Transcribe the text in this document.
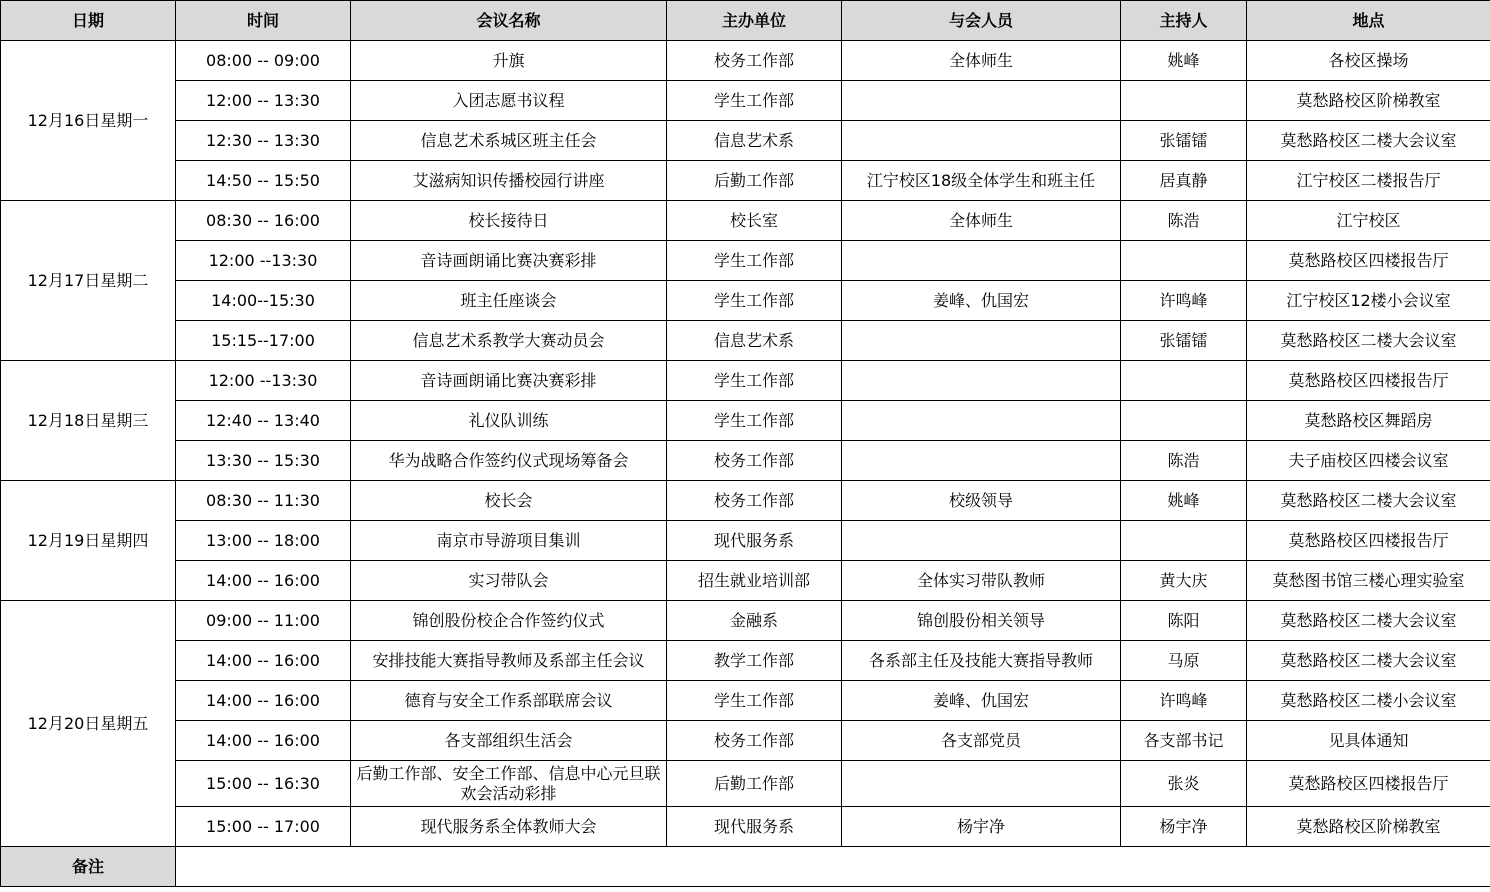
日期	时间	会议名称	主办单位	与会人员	主持人	地点
12月16日星期一	08:00 -- 09:00	升旗	校务工作部	全体师生	姚峰	各校区操场
	12:00 -- 13:30	入团志愿书议程	学生工作部			莫愁路校区阶梯教室
	12:30 -- 13:30	信息艺术系城区班主任会	信息艺术系		张镭镭	莫愁路校区二楼大会议室
	14:50 -- 15:50	艾滋病知识传播校园行讲座	后勤工作部	江宁校区18级全体学生和班主任	居真静	江宁校区二楼报告厅
12月17日星期二	08:30 -- 16:00	校长接待日	校长室	全体师生	陈浩	江宁校区
	12:00 --13:30	音诗画朗诵比赛决赛彩排	学生工作部			莫愁路校区四楼报告厅
	14:00--15:30	班主任座谈会	学生工作部	姜峰、仇国宏	许鸣峰	江宁校区12楼小会议室
	15:15--17:00	信息艺术系教学大赛动员会	信息艺术系		张镭镭	莫愁路校区二楼大会议室
12月18日星期三	12:00 --13:30	音诗画朗诵比赛决赛彩排	学生工作部			莫愁路校区四楼报告厅
	12:40 -- 13:40	礼仪队训练	学生工作部			莫愁路校区舞蹈房
	13:30 -- 15:30	华为战略合作签约仪式现场筹备会	校务工作部		陈浩	夫子庙校区四楼会议室
12月19日星期四	08:30 -- 11:30	校长会	校务工作部	校级领导	姚峰	莫愁路校区二楼大会议室
	13:00 -- 18:00	南京市导游项目集训	现代服务系			莫愁路校区四楼报告厅
	14:00 -- 16:00	实习带队会	招生就业培训部	全体实习带队教师	黄大庆	莫愁图书馆三楼心理实验室
12月20日星期五	09:00 -- 11:00	锦创股份校企合作签约仪式	金融系	锦创股份相关领导	陈阳	莫愁路校区二楼大会议室
	14:00 -- 16:00	安排技能大赛指导教师及系部主任会议	教学工作部	各系部主任及技能大赛指导教师	马原	莫愁路校区二楼大会议室
	14:00 -- 16:00	德育与安全工作系部联席会议	学生工作部	姜峰、仇国宏	许鸣峰	莫愁路校区二楼小会议室
	14:00 -- 16:00	各支部组织生活会	校务工作部	各支部党员	各支部书记	见具体通知
	15:00 -- 16:30	后勤工作部、安全工作部、信息中心元旦联欢会活动彩排	后勤工作部		张炎	莫愁路校区四楼报告厅
	15:00 -- 17:00	现代服务系全体教师大会	现代服务系	杨宇净	杨宇净	莫愁路校区阶梯教室
备注						
